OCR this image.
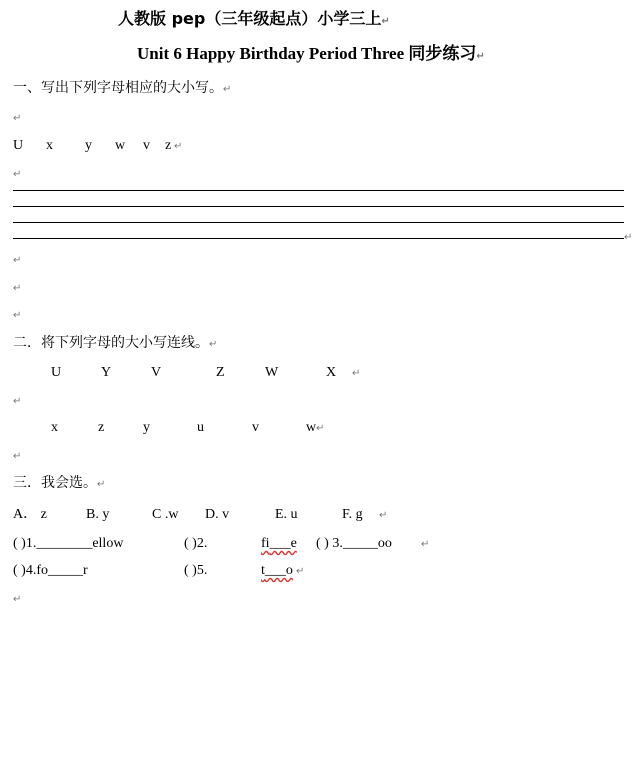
人教版 pep（三年级起点）小学三上↵
Unit 6 Happy Birthday Period Three 同步练习↵
一、写出下列字母相应的大小写。↵
↵
U x y w v z ↵
↵
↵
↵
↵
↵
二．将下列字母的大小写连线。↵
U	Y	V	Z	W	X ↵
↵
x	z	y	u	v	w ↵
↵
三．我会选。↵
A． z	B. y	C .w D. v	E. u	F. g ↵
( )1.________ellow	( )2.	fi___e ( ) 3._____oo	↵
( )4.fo_____r	( )5.	t___o ↵
↵
